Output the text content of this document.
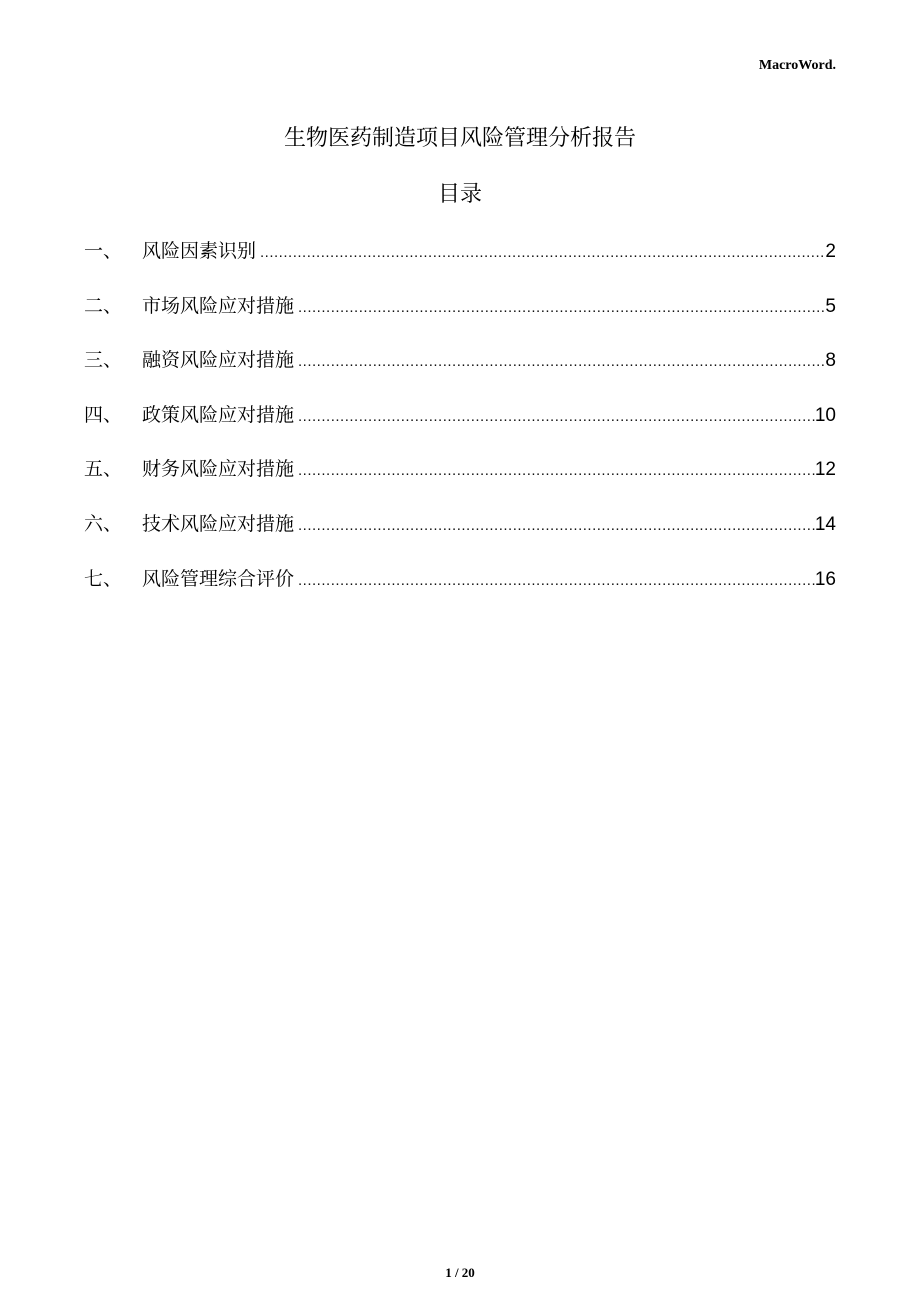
MacroWord.
生物医药制造项目风险管理分析报告
目录
一、	风险因素识别 .....	2
二、	市场风险应对措施 .....	5
三、	融资风险应对措施 .....	8
四、	政策风险应对措施 .....	10
五、	财务风险应对措施 .....	12
六、	技术风险应对措施 .....	14
七、	风险管理综合评价 .....	16
1 / 20
